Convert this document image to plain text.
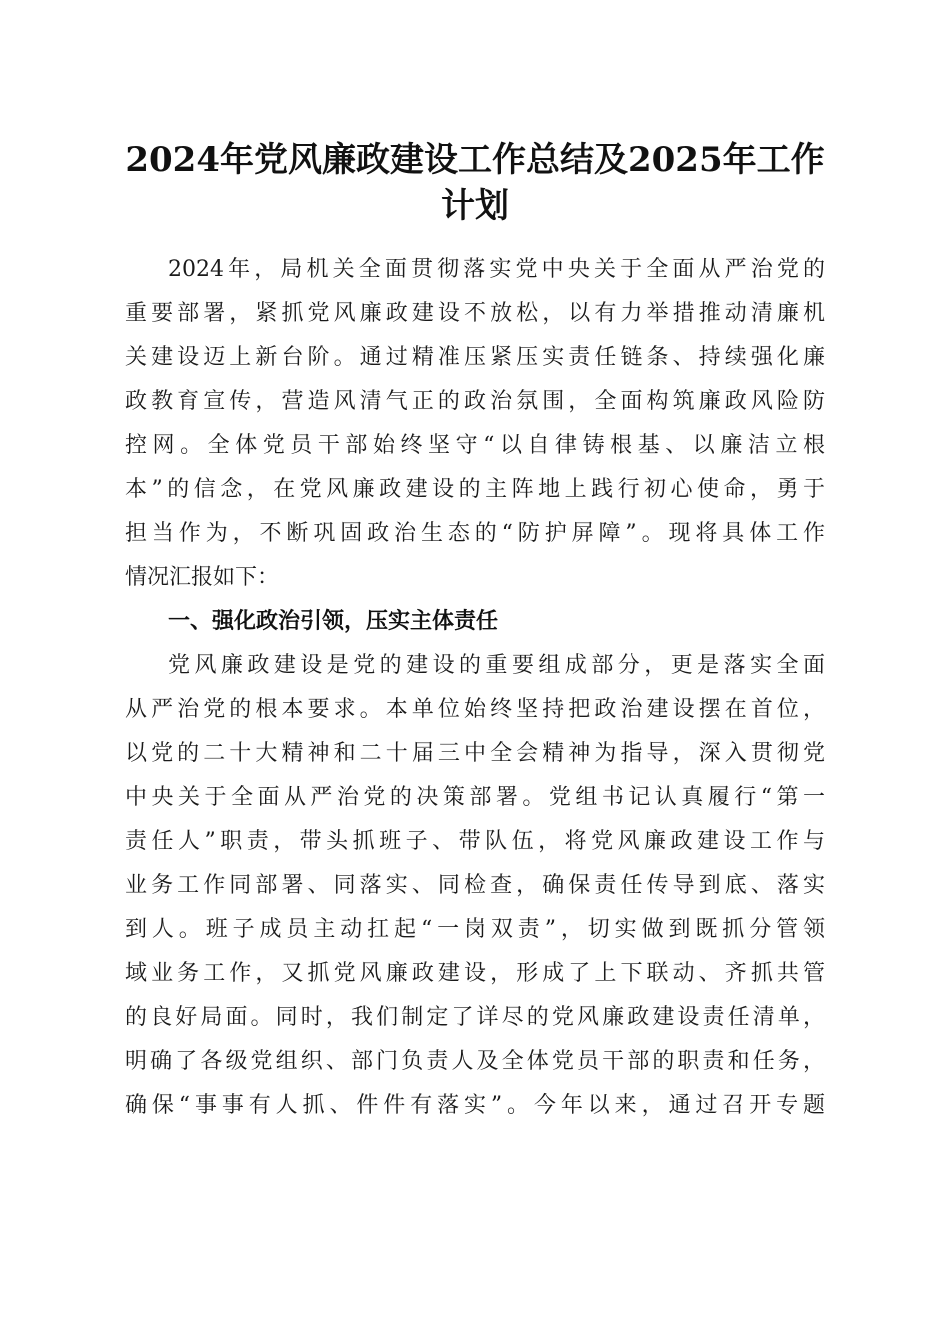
2024年党风廉政建设工作总结及2025年工作
计划
2024年，局机关全面贯彻落实党中央关于全面从严治党的
重要部署，紧抓党风廉政建设不放松，以有力举措推动清廉机
关建设迈上新台阶。通过精准压紧压实责任链条、持续强化廉
政教育宣传，营造风清气正的政治氛围，全面构筑廉政风险防
控网。全体党员干部始终坚守“以自律铸根基、以廉洁立根
本”的信念，在党风廉政建设的主阵地上践行初心使命，勇于
担当作为，不断巩固政治生态的“防护屏障”。现将具体工作
情况汇报如下：
一、强化政治引领，压实主体责任
党风廉政建设是党的建设的重要组成部分，更是落实全面
从严治党的根本要求。本单位始终坚持把政治建设摆在首位，
以党的二十大精神和二十届三中全会精神为指导，深入贯彻党
中央关于全面从严治党的决策部署。党组书记认真履行“第一
责任人”职责，带头抓班子、带队伍，将党风廉政建设工作与
业务工作同部署、同落实、同检查，确保责任传导到底、落实
到人。班子成员主动扛起“一岗双责”，切实做到既抓分管领
域业务工作，又抓党风廉政建设，形成了上下联动、齐抓共管
的良好局面。同时，我们制定了详尽的党风廉政建设责任清单，
明确了各级党组织、部门负责人及全体党员干部的职责和任务，
确保“事事有人抓、件件有落实”。今年以来，通过召开专题
